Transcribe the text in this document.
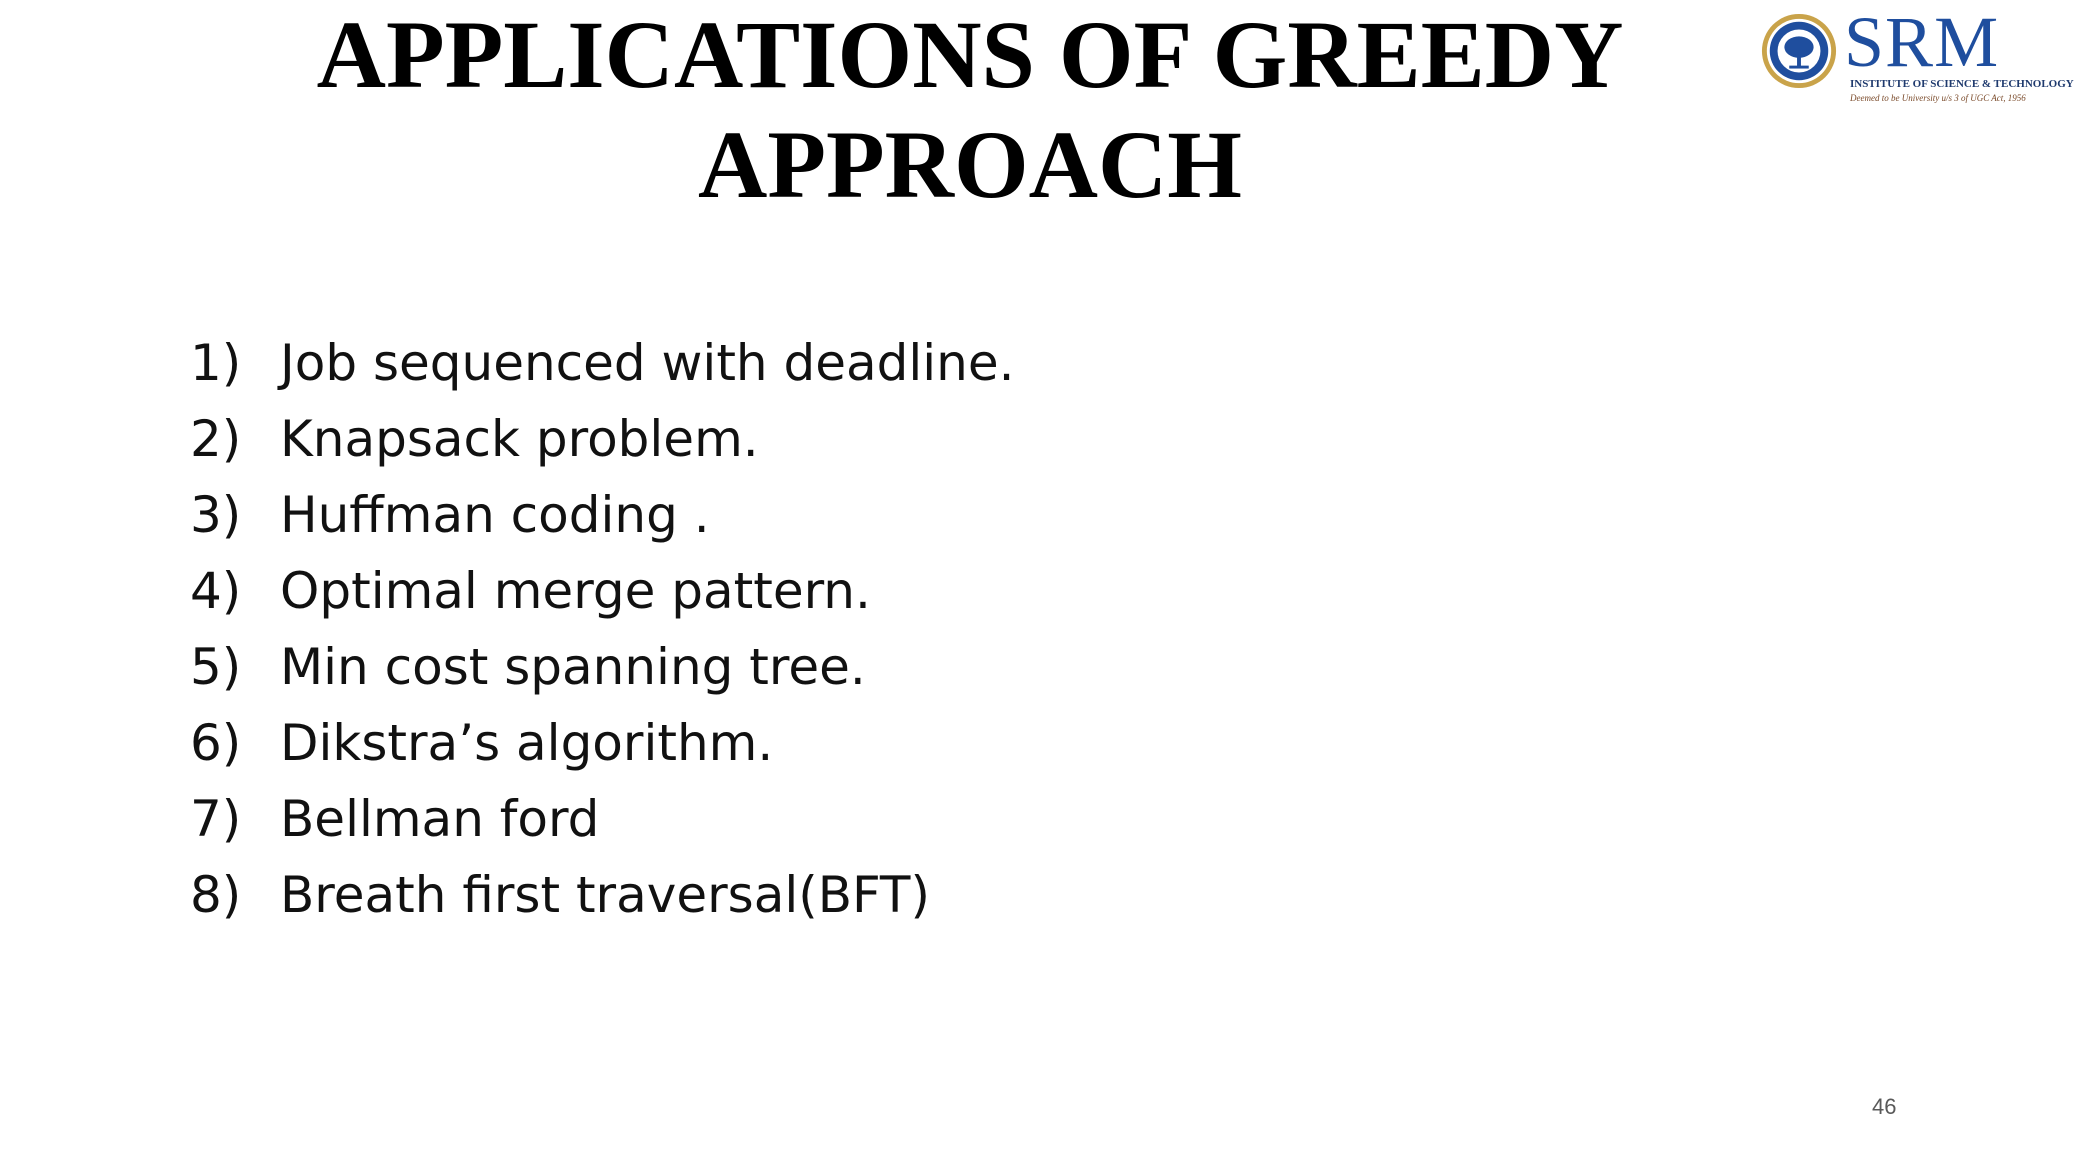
APPLICATIONS OF GREEDY
APPROACH
SRM
INSTITUTE OF SCIENCE & TECHNOLOGY
Deemed to be University u/s 3 of UGC Act, 1956
1) Job sequenced with deadline.
2) Knapsack problem.
3) Huffman coding .
4) Optimal merge pattern.
5) Min cost spanning tree.
6) Dikstra’s algorithm.
7) Bellman ford
8) Breath first traversal(BFT)
46
